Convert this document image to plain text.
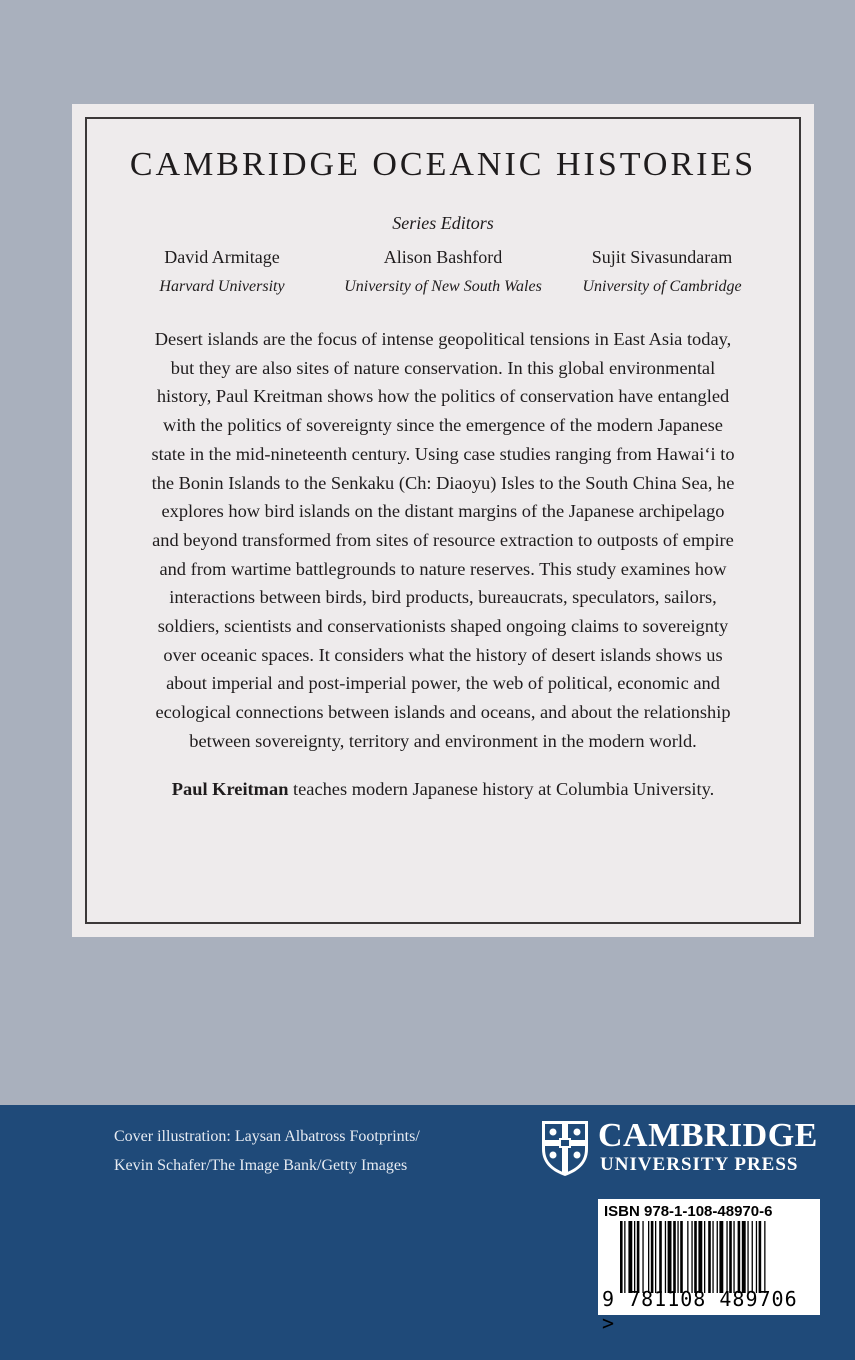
CAMBRIDGE OCEANIC HISTORIES
Series Editors
David Armitage
Harvard University
Alison Bashford
University of New South Wales
Sujit Sivasundaram
University of Cambridge

Desert islands are the focus of intense geopolitical tensions in East Asia today,

but they are also sites of nature conservation. In this global environmental

history, Paul Kreitman shows how the politics of conservation have entangled

with the politics of sovereignty since the emergence of the modern Japanese

state in the mid-nineteenth century. Using case studies ranging from Hawaiʻi to

the Bonin Islands to the Senkaku (Ch: Diaoyu) Isles to the South China Sea, he

explores how bird islands on the distant margins of the Japanese archipelago

and beyond transformed from sites of resource extraction to outposts of empire

and from wartime battlegrounds to nature reserves. This study examines how

interactions between birds, bird products, bureaucrats, speculators, sailors,

soldiers, scientists and conservationists shaped ongoing claims to sovereignty

over oceanic spaces. It considers what the history of desert islands shows us

about imperial and post-imperial power, the web of political, economic and

ecological connections between islands and oceans, and about the relationship

between sovereignty, territory and environment in the modern world.

Paul Kreitman teaches modern Japanese history at Columbia University.

Cover illustration: Laysan Albatross Footprints/
Kevin Schafer/The Image Bank/Getty Images
CAMBRIDGE
UNIVERSITY PRESS
ISBN 978-1-108-48970-6
9 781108 489706 >
